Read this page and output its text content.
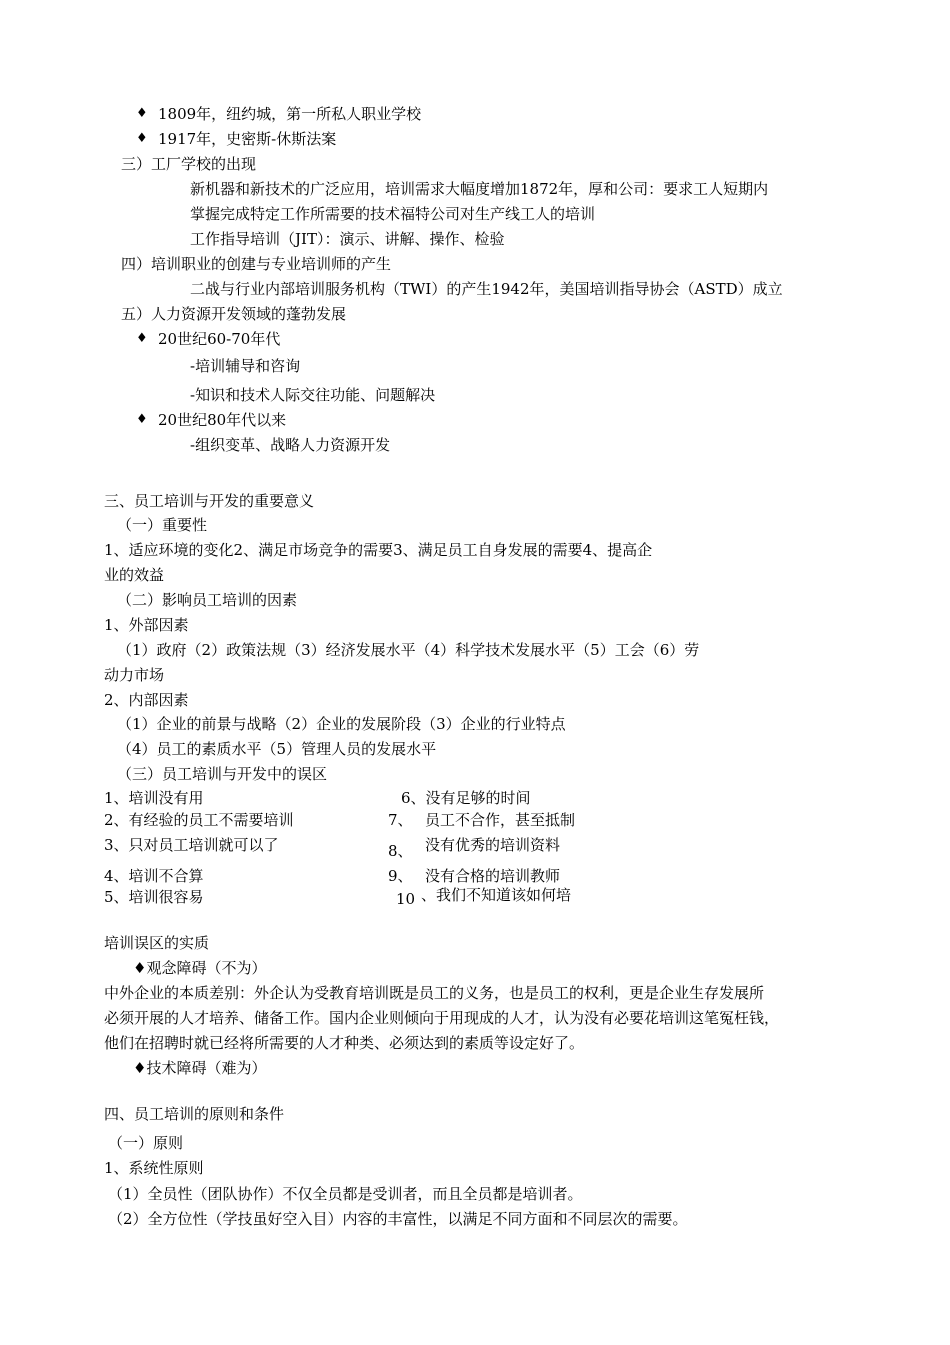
♦ 1809年，纽约城，第一所私人职业学校
♦ 1917年，史密斯-休斯法案
三）工厂学校的出现
新机器和新技术的广泛应用，培训需求大幅度增加1872年，厚和公司：要求工人短期内
掌握完成特定工作所需要的技术福特公司对生产线工人的培训
工作指导培训（JIT）：演示、讲解、操作、检验
四）培训职业的创建与专业培训师的产生
二战与行业内部培训服务机构（TWI）的产生1942年，美国培训指导协会（ASTD）成立
五）人力资源开发领域的蓬勃发展
♦ 20世纪60-70年代
-培训辅导和咨询
-知识和技术人际交往功能、问题解决
♦ 20世纪80年代以来
-组织变革、战略人力资源开发
三、员工培训与开发的重要意义
（一）重要性
1、适应环境的变化2、满足市场竞争的需要3、满足员工自身发展的需要4、提高企
业的效益
（二）影响员工培训的因素
1、外部因素
（1）政府（2）政策法规（3）经济发展水平（4）科学技术发展水平（5）工会（6）劳
动力市场
2、内部因素
（1）企业的前景与战略（2）企业的发展阶段（3）企业的行业特点
（4）员工的素质水平（5）管理人员的发展水平
（三）员工培训与开发中的误区
1、培训没有用	6、没有足够的时间
2、有经验的员工不需要培训	7、 员工不合作，甚至抵制
3、只对员工培训就可以了	8、 没有优秀的培训资料
4、培训不合算	9、 没有合格的培训教师
5、培训很容易	10 、我们不知道该如何培
培训误区的实质
♦观念障碍（不为）
中外企业的本质差别：外企认为受教育培训既是员工的义务，也是员工的权利，更是企业生存发展所
必须开展的人才培养、储备工作。国内企业则倾向于用现成的人才，认为没有必要花培训这笔冤枉钱，
他们在招聘时就已经将所需要的人才种类、必须达到的素质等设定好了。
♦技术障碍（难为）
四、员工培训的原则和条件
（一）原则
1、系统性原则
（1）全员性（团队协作）不仅全员都是受训者，而且全员都是培训者。
（2）全方位性（学技虽好空入目）内容的丰富性，以满足不同方面和不同层次的需要。
